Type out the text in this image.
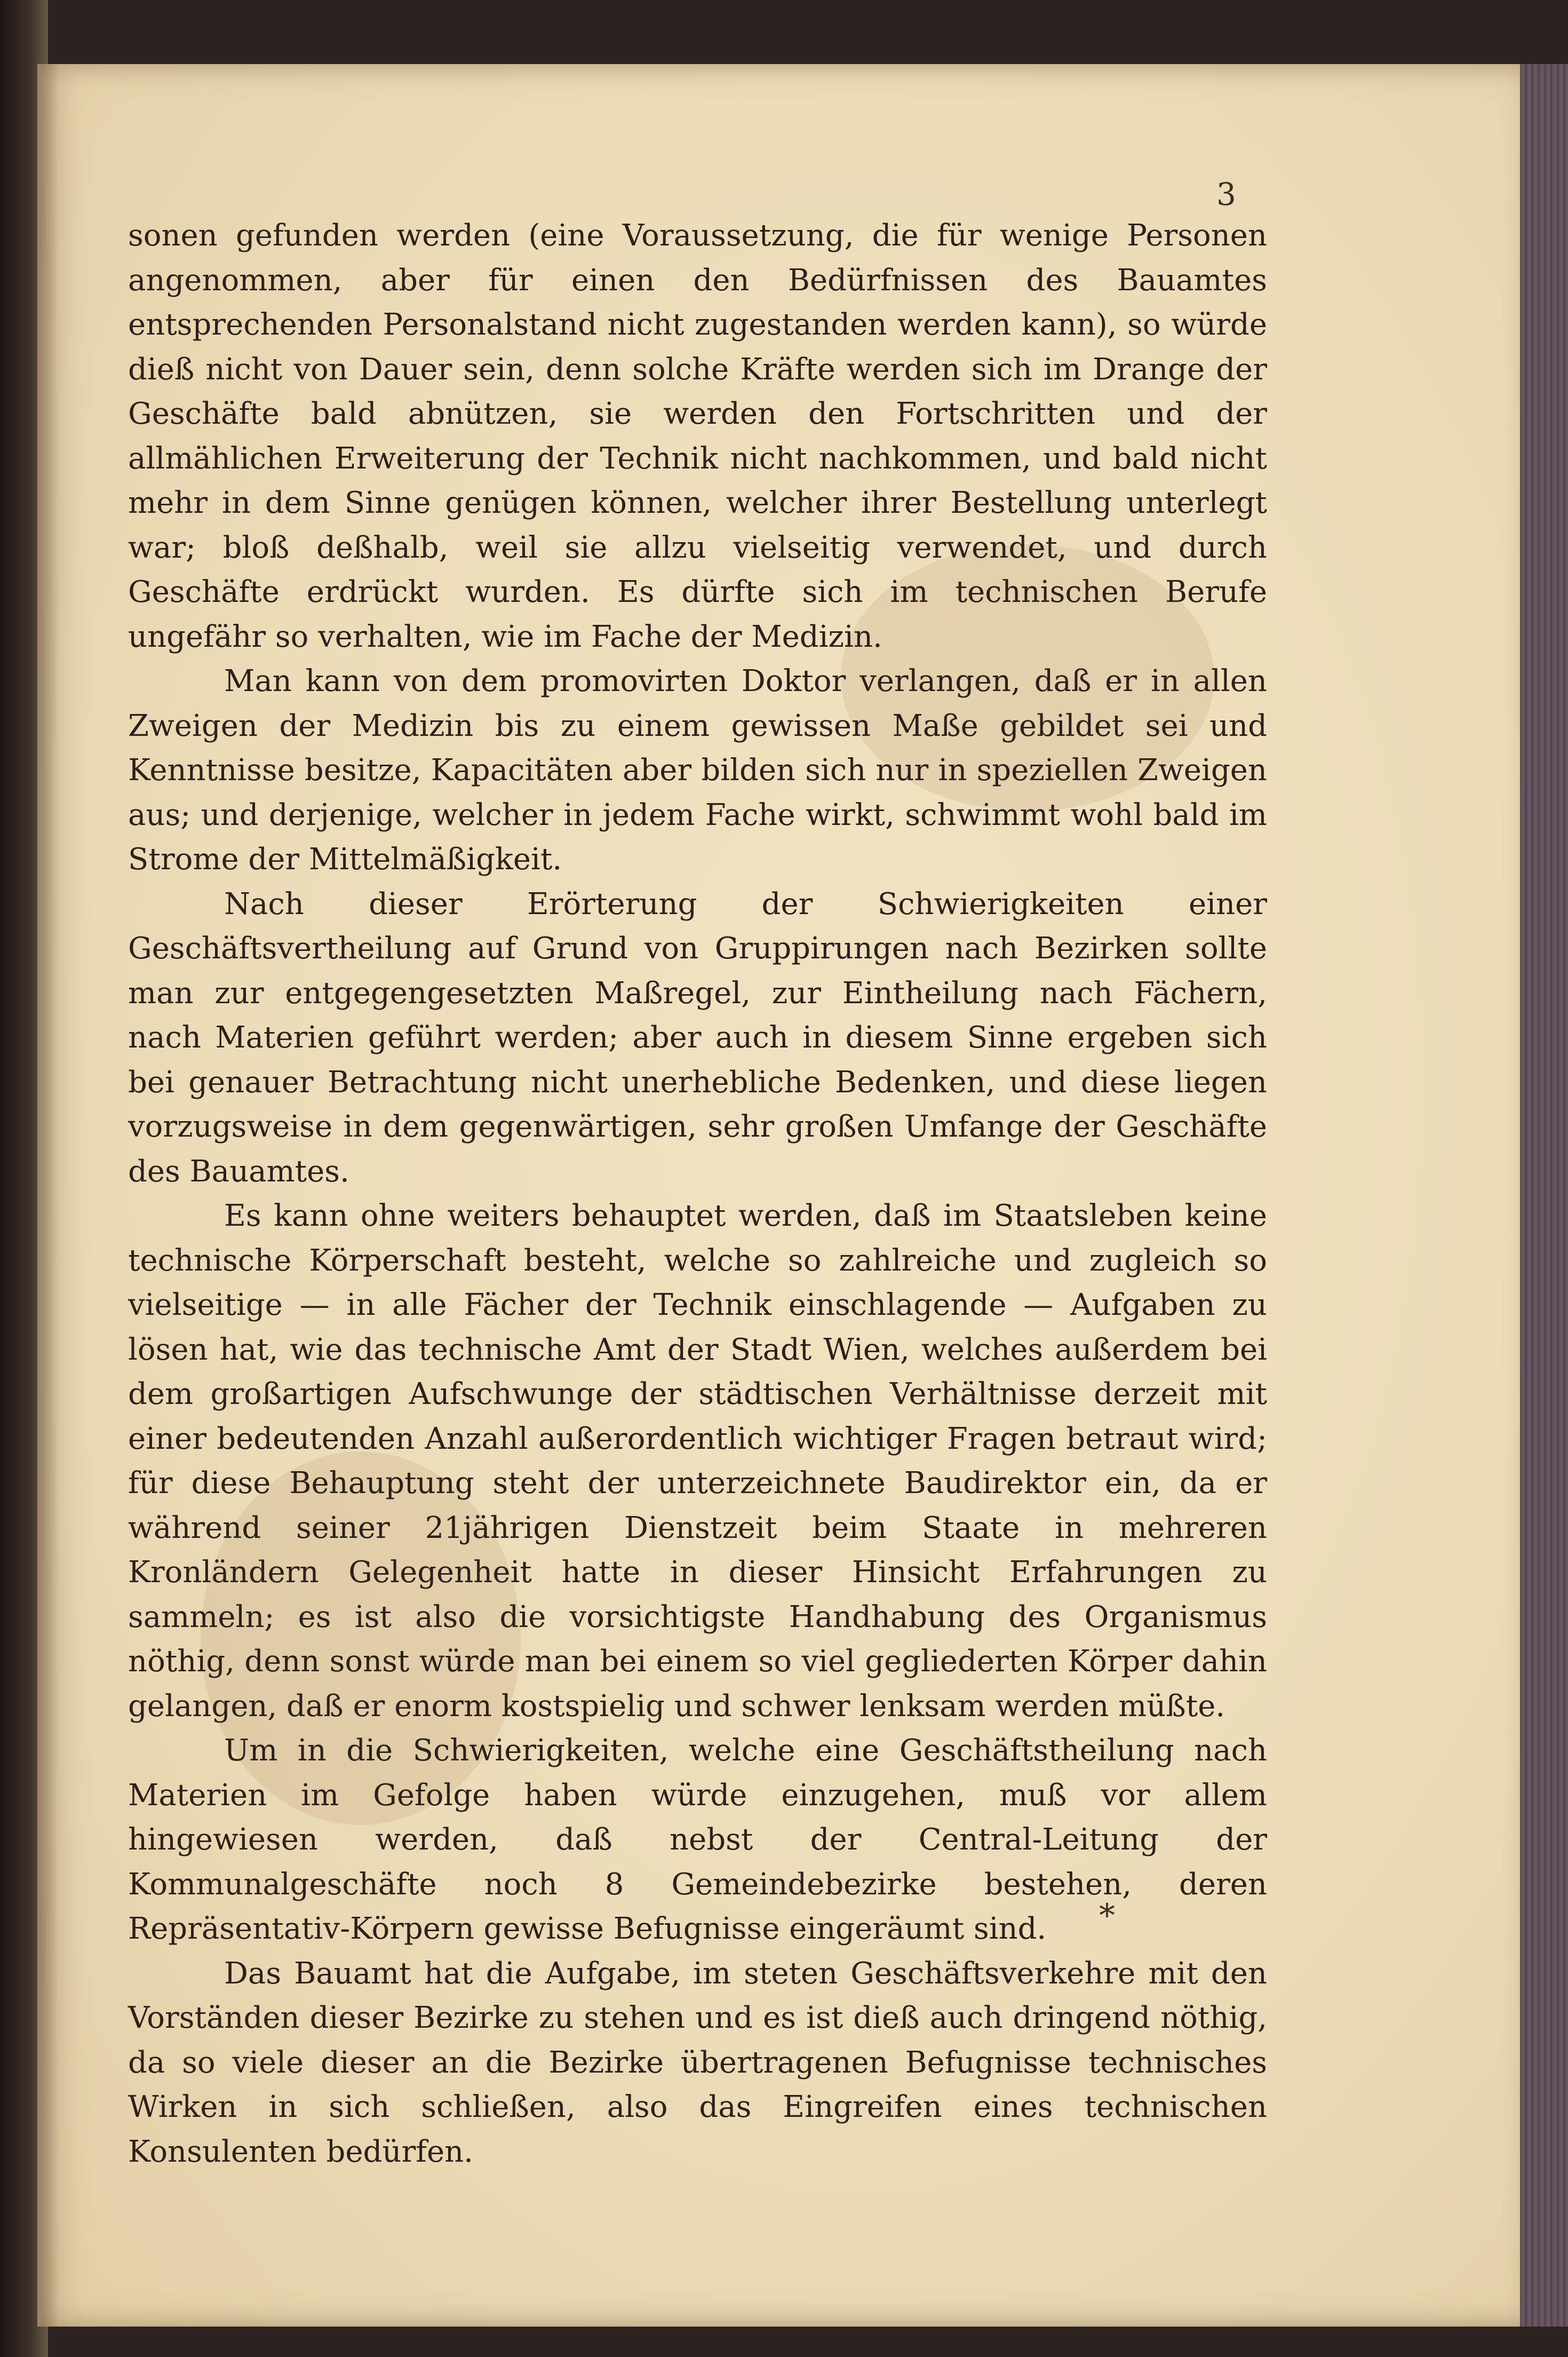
3

sonen gefunden werden (eine Voraussetzung, die für wenige Personen angenommen, aber für einen den Bedürfnissen des Bauamtes entsprechenden Personalstand nicht zugestanden werden kann), so würde dieß nicht von Dauer sein, denn solche Kräfte werden sich im Drange der Geschäfte bald abnützen, sie werden den Fortschritten und der allmählichen Erweiterung der Technik nicht nachkommen, und bald nicht mehr in dem Sinne genügen können, welcher ihrer Bestellung unterlegt war; bloß deßhalb, weil sie allzu vielseitig verwendet, und durch Geschäfte erdrückt wurden. Es dürfte sich im technischen Berufe ungefähr so verhalten, wie im Fache der Medizin.

Man kann von dem promovirten Doktor verlangen, daß er in allen Zweigen der Medizin bis zu einem gewissen Maße gebildet sei und Kenntnisse besitze, Kapacitäten aber bilden sich nur in speziellen Zweigen aus; und derjenige, welcher in jedem Fache wirkt, schwimmt wohl bald im Strome der Mittelmäßigkeit.

Nach dieser Erörterung der Schwierigkeiten einer Geschäftsvertheilung auf Grund von Gruppirungen nach Bezirken sollte man zur entgegengesetzten Maßregel, zur Eintheilung nach Fächern, nach Materien geführt werden; aber auch in diesem Sinne ergeben sich bei genauer Betrachtung nicht unerhebliche Bedenken, und diese liegen vorzugsweise in dem gegenwärtigen, sehr großen Umfange der Geschäfte des Bauamtes.

Es kann ohne weiters behauptet werden, daß im Staatsleben keine technische Körperschaft besteht, welche so zahlreiche und zugleich so vielseitige — in alle Fächer der Technik einschlagende — Aufgaben zu lösen hat, wie das technische Amt der Stadt Wien, welches außerdem bei dem großartigen Aufschwunge der städtischen Verhältnisse derzeit mit einer bedeutenden Anzahl außerordentlich wichtiger Fragen betraut wird; für diese Behauptung steht der unterzeichnete Baudirektor ein, da er während seiner 21jährigen Dienstzeit beim Staate in mehreren Kronländern Gelegenheit hatte in dieser Hinsicht Erfahrungen zu sammeln; es ist also die vorsichtigste Handhabung des Organismus nöthig, denn sonst würde man bei einem so viel gegliederten Körper dahin gelangen, daß er enorm kostspielig und schwer lenksam werden müßte.

Um in die Schwierigkeiten, welche eine Geschäftstheilung nach Materien im Gefolge haben würde einzugehen, muß vor allem hingewiesen werden, daß nebst der Central-Leitung der Kommunalgeschäfte noch 8 Gemeindebezirke bestehen, deren Repräsentativ-Körpern gewisse Befugnisse eingeräumt sind.

Das Bauamt hat die Aufgabe, im steten Geschäftsverkehre mit den Vorständen dieser Bezirke zu stehen und es ist dieß auch dringend nöthig, da so viele dieser an die Bezirke übertragenen Befugnisse technisches Wirken in sich schließen, also das Eingreifen eines technischen Konsulenten bedürfen.

*
